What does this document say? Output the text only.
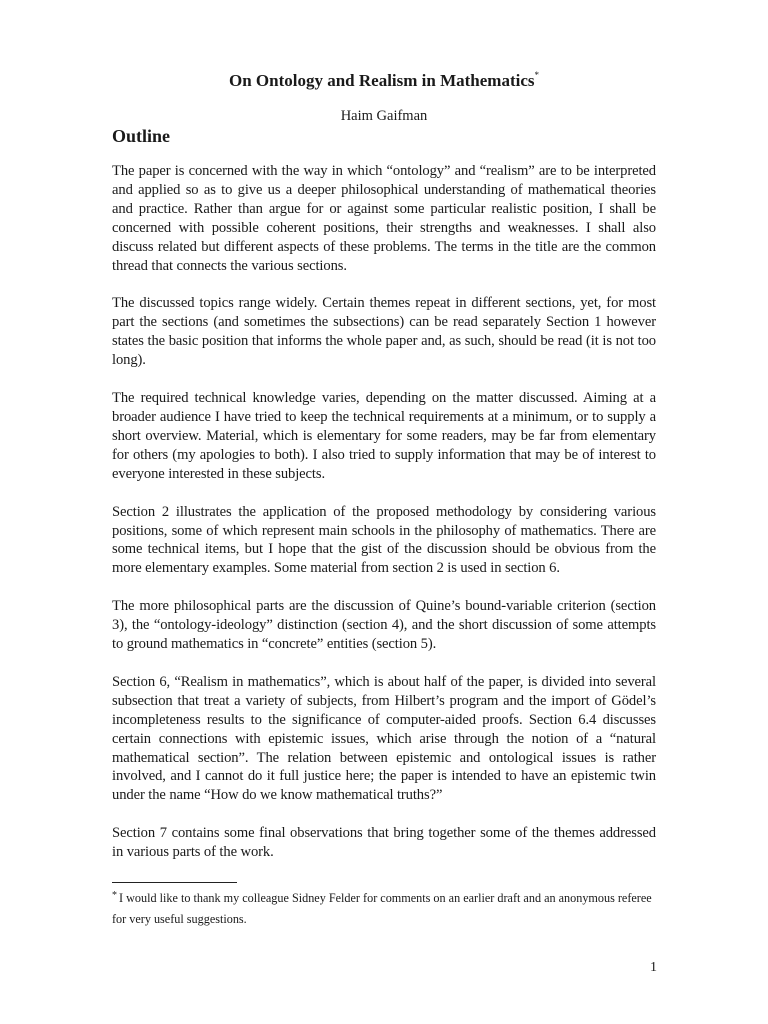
On Ontology and Realism in Mathematics*
Haim Gaifman
Outline

The paper is concerned with the way in which “ontology” and “realism” are to be interpreted and applied so as to give us a deeper philosophical understanding of mathematical theories and practice. Rather than argue for or against some particular realistic position, I shall be concerned with possible coherent positions, their strengths and weaknesses. I shall also discuss related but different aspects of these problems. The terms in the title are the common thread that connects the various sections.

The discussed topics range widely. Certain themes repeat in different sections, yet, for most part the sections (and sometimes the subsections) can be read separately Section 1 however states the basic position that informs the whole paper and, as such, should be read (it is not too long).

The required technical knowledge varies, depending on the matter discussed. Aiming at a broader audience I have tried to keep the technical requirements at a minimum, or to supply a short overview. Material, which is elementary for some readers, may be far from elementary for others (my apologies to both). I also tried to supply information that may be of interest to everyone interested in these subjects.

Section 2 illustrates the application of the proposed methodology by considering various positions, some of which represent main schools in the philosophy of mathematics. There are some technical items, but I hope that the gist of the discussion should be obvious from the more elementary examples. Some material from section 2 is used in section 6.

The more philosophical parts are the discussion of Quine’s bound-variable criterion (section 3), the “ontology-ideology” distinction (section 4), and the short discussion of some attempts to ground mathematics in “concrete” entities (section 5).

Section 6, “Realism in mathematics”, which is about half of the paper, is divided into several subsection that treat a variety of subjects, from Hilbert’s program and the import of Gödel’s incompleteness results to the significance of computer-aided proofs. Section 6.4 discusses certain connections with epistemic issues, which arise through the notion of a “natural mathematical section”. The relation between epistemic and ontological issues is rather involved, and I cannot do it full justice here; the paper is intended to have an epistemic twin under the name “How do we know mathematical truths?”

Section 7 contains some final observations that bring together some of the themes addressed in various parts of the work.

* I would like to thank my colleague Sidney Felder for comments on an earlier draft and an anonymous referee for very useful suggestions.
1
